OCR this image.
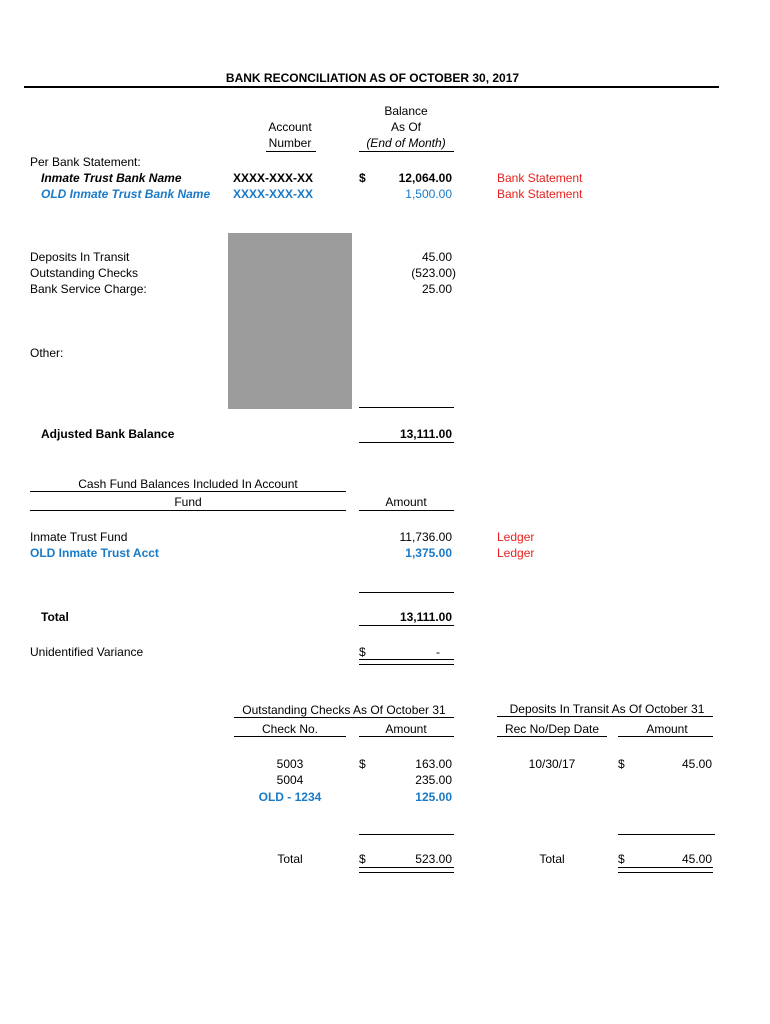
BANK RECONCILIATION AS OF OCTOBER 30, 2017
Account
Number
Balance
As Of
(End of Month)
Per Bank Statement:
Inmate Trust Bank Name	XXXX-XXX-XX	$	12,064.00	Bank Statement
OLD Inmate Trust Bank Name XXXX-XXX-XX	1,500.00	Bank Statement
Deposits In Transit	45.00
Outstanding Checks	(523.00)
Bank Service Charge:	25.00
Other:
Adjusted Bank Balance	13,111.00
Cash Fund Balances Included In Account
Fund	Amount
Inmate Trust Fund	11,736.00	Ledger
OLD Inmate Trust Acct	1,375.00	Ledger
Total	13,111.00
Unidentified Variance	$	-
Outstanding Checks As Of October 31
Check No.	Amount
5003	$	163.00
5004	235.00
OLD - 1234	125.00
Total	$	523.00
Deposits In Transit As Of October 31
Rec No/Dep Date	Amount
10/30/17	$	45.00
Total	$	45.00
